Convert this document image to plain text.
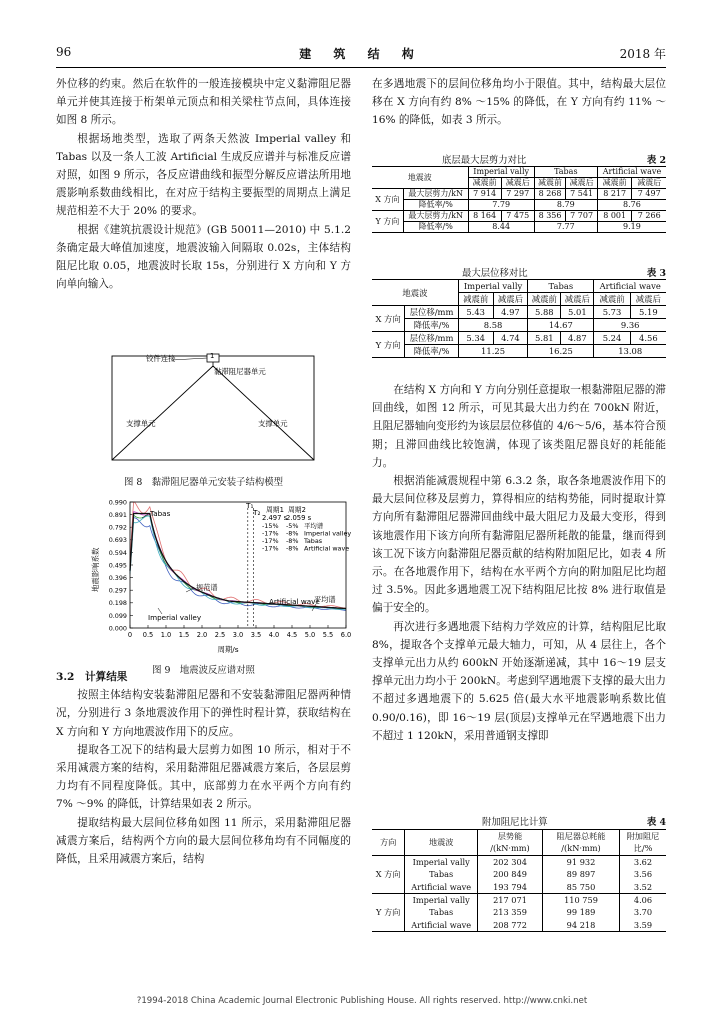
96	建 筑 结 构	2018 年

外位移的约束。然后在软件的一般连接模块中定义黏滞阻尼器单元并使其连接于桁架单元顶点和相关梁柱节点间，具体连接如图 8 所示。

根据场地类型，选取了两条天然波 Imperial valley 和 Tabas 以及一条人工波 Artificial 生成反应谱并与标准反应谱对照，如图 9 所示，各反应谱曲线和振型分解反应谱法所用地震影响系数曲线相比，在对应于结构主要振型的周期点上满足规范相差不大于 20% 的要求。

根据《建筑抗震设计规范》(GB 50011—2010) 中 5.1.2 条确定最大峰值加速度，地震波输入间隔取 0.02s，主体结构阻尼比取 0.05，地震波时长取 15s，分别进行 X 方向和 Y 方向单向输入。

铰件连接	1
黏滞阻尼器单元
支撑单元	支撑单元
图 8　黏滞阻尼器单元安装子结构模型
0.990
0.891
0.792
0.693
0.594
0.495
0.396
0.297
0.198
0.099
0.000
0 0.5 1.0 1.5 2.0 2.5 3.0 3.5 4.0 4.5 5.0 5.5 6.0
T₁
T₂
地震影响系数
周期/s
周期1 周期2
2.497 s
2.059 s
-15% -5% 平均谱
-17% -8% Imperial valley
-17% -8% Tabas
-17% -8% Artificial wave
Tabas
规范谱
Artificial wave
平均谱
Imperial valley
图 9　地震波反应谱对照

3.2　计算结果

按照主体结构安装黏滞阻尼器和不安装黏滞阻尼器两种情况，分别进行 3 条地震波作用下的弹性时程计算，获取结构在 X 方向和 Y 方向地震波作用下的反应。

提取各工况下的结构最大层剪力如图 10 所示，相对于不采用减震方案的结构，采用黏滞阻尼器减震方案后，各层层剪力均有不同程度降低。其中，底部剪力在水平两个方向有约 7% ～9% 的降低，计算结果如表 2 所示。

提取结构最大层间位移角如图 11 所示，采用黏滞阻尼器减震方案后，结构两个方向的最大层间位移角均有不同幅度的降低，且采用减震方案后，结构

在多遇地震下的层间位移角均小于限值。其中，结构最大层位移在 X 方向有约 8% ～15% 的降低，在 Y 方向有约 11% ～16% 的降低，如表 3 所示。

底层最大层剪力对比	表 2
地震波		Imperial vally		Tabas		Artificial wave	
		减震前	减震后	减震前	减震后	减震前	减震后
X 方向	最大层剪力/kN	7 914	7 297	8 268	7 541	8 217	7 497
	降低率/%	7.79		8.79		8.76	
Y 方向	最大层剪力/kN	8 164	7 475	8 356	7 707	8 001	7 266
	降低率/%	8.44		7.77		9.19	
最大层位移对比	表 3
地震波		Imperial vally		Tabas		Artificial wave	
		减震前	减震后	减震前	减震后	减震前	减震后
X 方向	层位移/mm	5.43	4.97	5.88	5.01	5.73	5.19
	降低率/%	8.58		14.67		9.36	
Y 方向	层位移/mm	5.34	4.74	5.81	4.87	5.24	4.56
	降低率/%	11.25		16.25		13.08	

在结构 X 方向和 Y 方向分别任意提取一根黏滞阻尼器的滞回曲线，如图 12 所示，可见其最大出力约在 700kN 附近，且阻尼器轴向变形约为该层层位移值的 4/6～5/6，基本符合预期；且滞回曲线比较饱满，体现了该类阻尼器良好的耗能能力。

根据消能减震规程中第 6.3.2 条，取各条地震波作用下的最大层间位移及层剪力，算得相应的结构势能，同时提取计算方向所有黏滞阻尼器滞回曲线中最大阻尼力及最大变形，得到该地震作用下该方向所有黏滞阻尼器所耗散的能量，继而得到该工况下该方向黏滞阻尼器贡献的结构附加阻尼比，如表 4 所示。在各地震作用下，结构在水平两个方向的附加阻尼比均超过 3.5%。因此多遇地震工况下结构阻尼比按 8% 进行取值是偏于安全的。

再次进行多遇地震下结构力学效应的计算，结构阻尼比取 8%，提取各个支撑单元最大轴力，可知，从 4 层往上，各个支撑单元出力从约 600kN 开始逐渐递减，其中 16～19 层支撑单元出力均小于 200kN。考虑到罕遇地震下支撑的最大出力不超过多遇地震下的 5.625 倍(最大水平地震影响系数比值 0.90/0.16)，即 16～19 层(顶层)支撑单元在罕遇地震下出力不超过 1 120kN，采用普通钢支撑即

附加阻尼比计算	表 4
方向	地震波	层势能 /(kN·mm)	阻尼器总耗能 /(kN·mm)	附加阻尼 比/%
X 方向	Imperial vally	202 304	91 932	3.62
	Tabas	200 849	89 897	3.56
	Artificial wave	193 794	85 750	3.52
Y 方向	Imperial vally	217 071	110 759	4.06
	Tabas	213 359	99 189	3.70
	Artificial wave	208 772	94 218	3.59
?1994-2018 China Academic Journal Electronic Publishing House. All rights reserved. http://www.cnki.net
